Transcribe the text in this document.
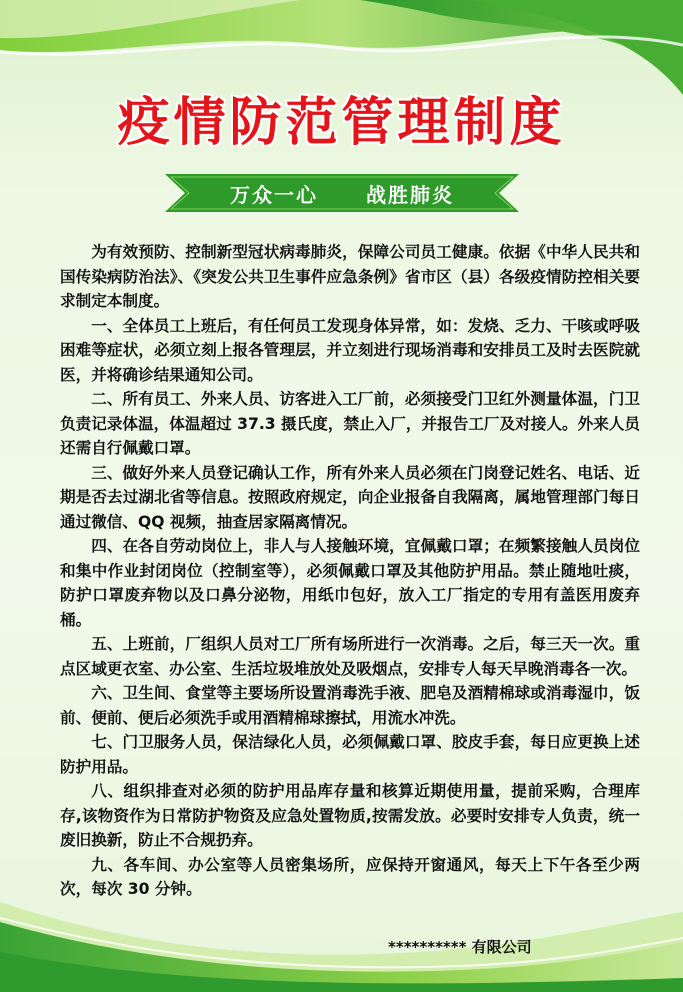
疫情防范管理制度
万众一心 战胜肺炎

为有效预防、控制新型冠状病毒肺炎，保障公司员工健康。依据《中华人民共和国传染病防治法》、《突发公共卫生事件应急条例》省市区（县）各级疫情防控相关要求制定本制度。

一、全体员工上班后，有任何员工发现身体异常，如：发烧、乏力、干咳或呼吸困难等症状，必须立刻上报各管理层，并立刻进行现场消毒和安排员工及时去医院就医，并将确诊结果通知公司。

二、所有员工、外来人员、访客进入工厂前，必须接受门卫红外测量体温，门卫负责记录体温，体温超过 37.3 摄氏度，禁止入厂，并报告工厂及对接人。外来人员还需自行佩戴口罩。

三、做好外来人员登记确认工作，所有外来人员必须在门岗登记姓名、电话、近期是否去过湖北省等信息。按照政府规定，向企业报备自我隔离，属地管理部门每日通过微信、QQ 视频，抽查居家隔离情况。

四、在各自劳动岗位上，非人与人接触环境，宜佩戴口罩；在频繁接触人员岗位和集中作业封闭岗位（控制室等），必须佩戴口罩及其他防护用品。禁止随地吐痰，防护口罩废弃物以及口鼻分泌物，用纸巾包好，放入工厂指定的专用有盖医用废弃桶。

五、上班前，厂组织人员对工厂所有场所进行一次消毒。之后，每三天一次。重点区域更衣室、办公室、生活垃圾堆放处及吸烟点，安排专人每天早晚消毒各一次。

六、卫生间、食堂等主要场所设置消毒洗手液、肥皂及酒精棉球或消毒湿巾，饭前、便前、便后必须洗手或用酒精棉球擦拭，用流水冲洗。

七、门卫服务人员，保洁绿化人员，必须佩戴口罩、胶皮手套，每日应更换上述防护用品。

八、组织排查对必须的防护用品库存量和核算近期使用量，提前采购，合理库存,该物资作为日常防护物资及应急处置物质,按需发放。必要时安排专人负责，统一废旧换新，防止不合规扔弃。

九、各车间、办公室等人员密集场所，应保持开窗通风，每天上下午各至少两次，每次 30 分钟。

********** 有限公司
